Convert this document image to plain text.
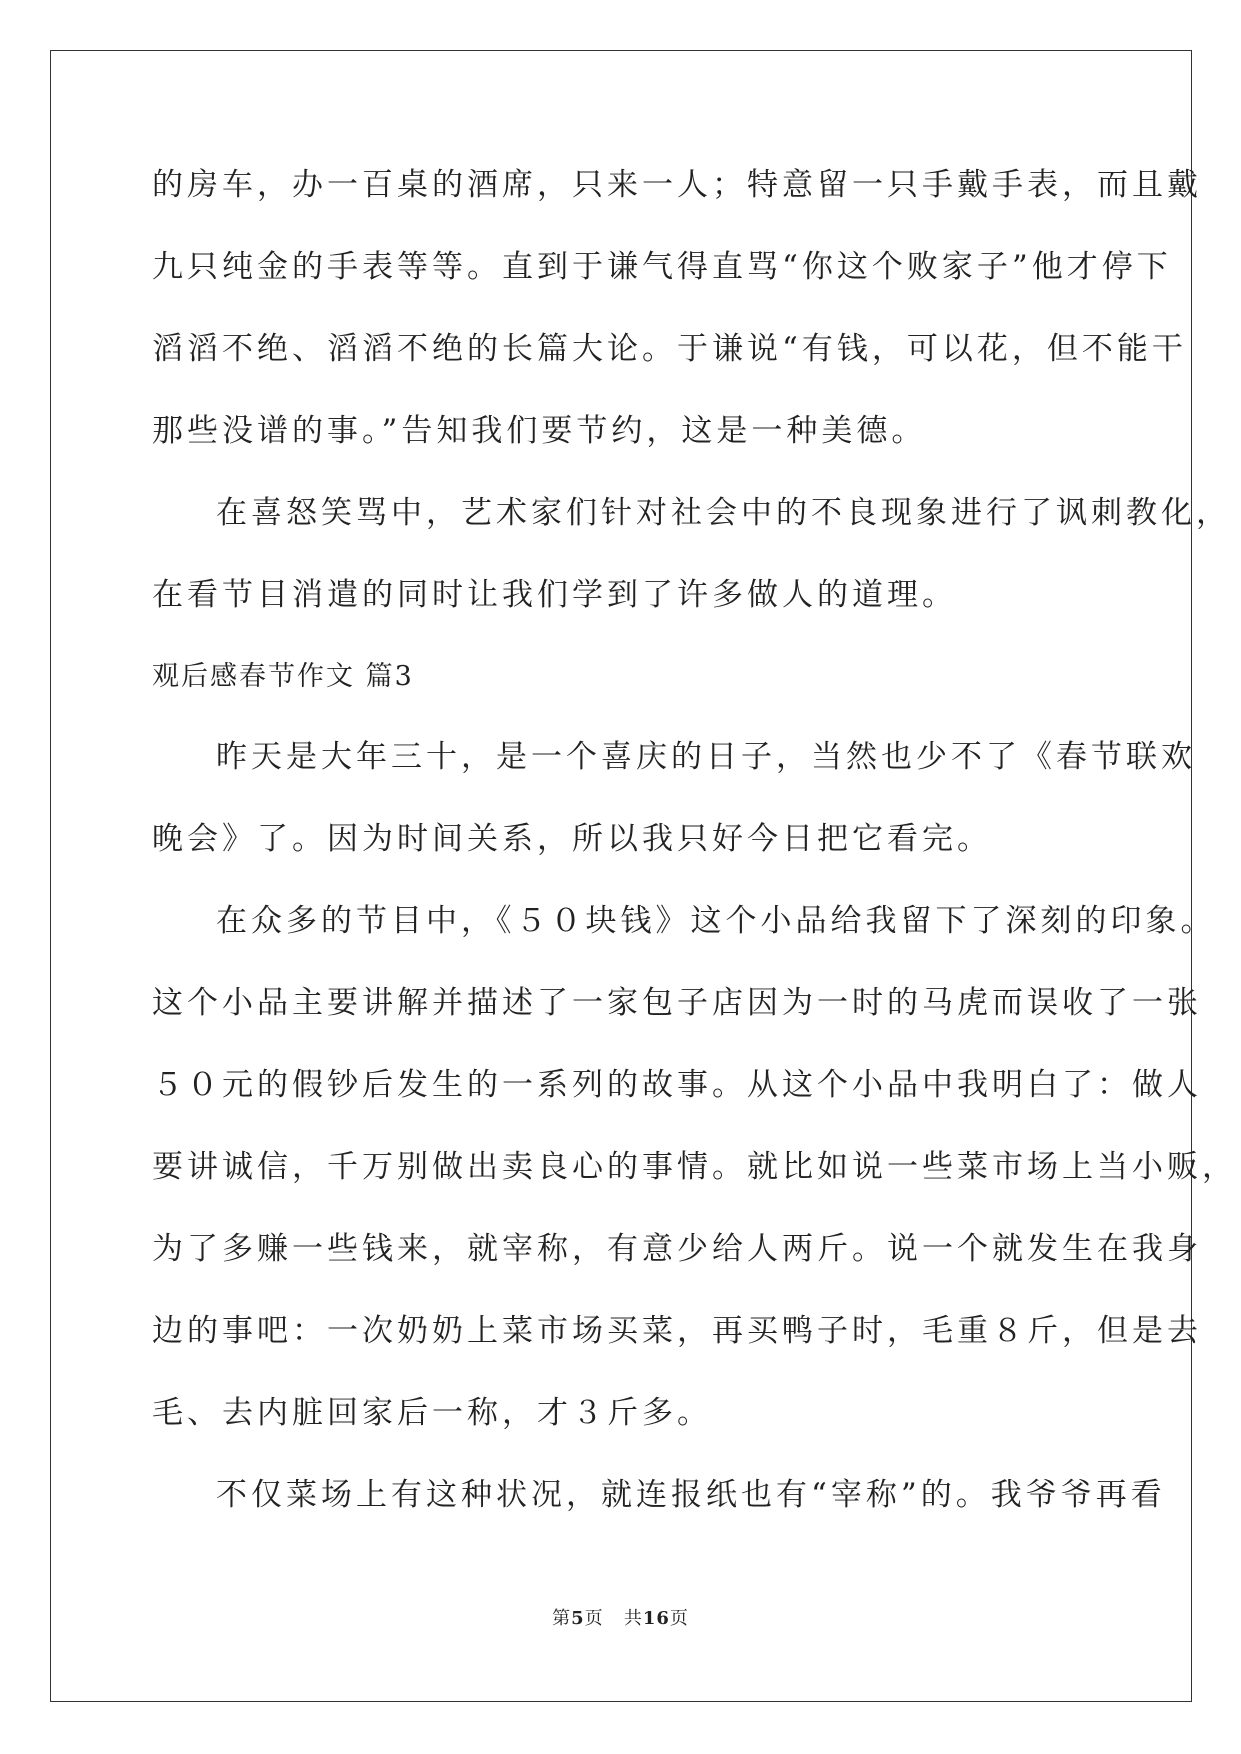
的房车，办一百桌的酒席，只来一人；特意留一只手戴手表，而且戴
九只纯金的手表等等。直到于谦气得直骂“你这个败家子”他才停下
滔滔不绝、滔滔不绝的长篇大论。于谦说“有钱，可以花，但不能干
那些没谱的事。”告知我们要节约，这是一种美德。
在喜怒笑骂中，艺术家们针对社会中的不良现象进行了讽刺教化，
在看节目消遣的同时让我们学到了许多做人的道理。
观后感春节作文 篇3
昨天是大年三十，是一个喜庆的日子，当然也少不了《春节联欢
晚会》了。因为时间关系，所以我只好今日把它看完。
在众多的节目中，《５０块钱》这个小品给我留下了深刻的印象。
这个小品主要讲解并描述了一家包子店因为一时的马虎而误收了一张
５０元的假钞后发生的一系列的故事。从这个小品中我明白了：做人
要讲诚信，千万别做出卖良心的事情。就比如说一些菜市场上当小贩，
为了多赚一些钱来，就宰称，有意少给人两斤。说一个就发生在我身
边的事吧：一次奶奶上菜市场买菜，再买鸭子时，毛重８斤，但是去
毛、去内脏回家后一称，才３斤多。
不仅菜场上有这种状况，就连报纸也有“宰称”的。我爷爷再看
第5页 共16页
